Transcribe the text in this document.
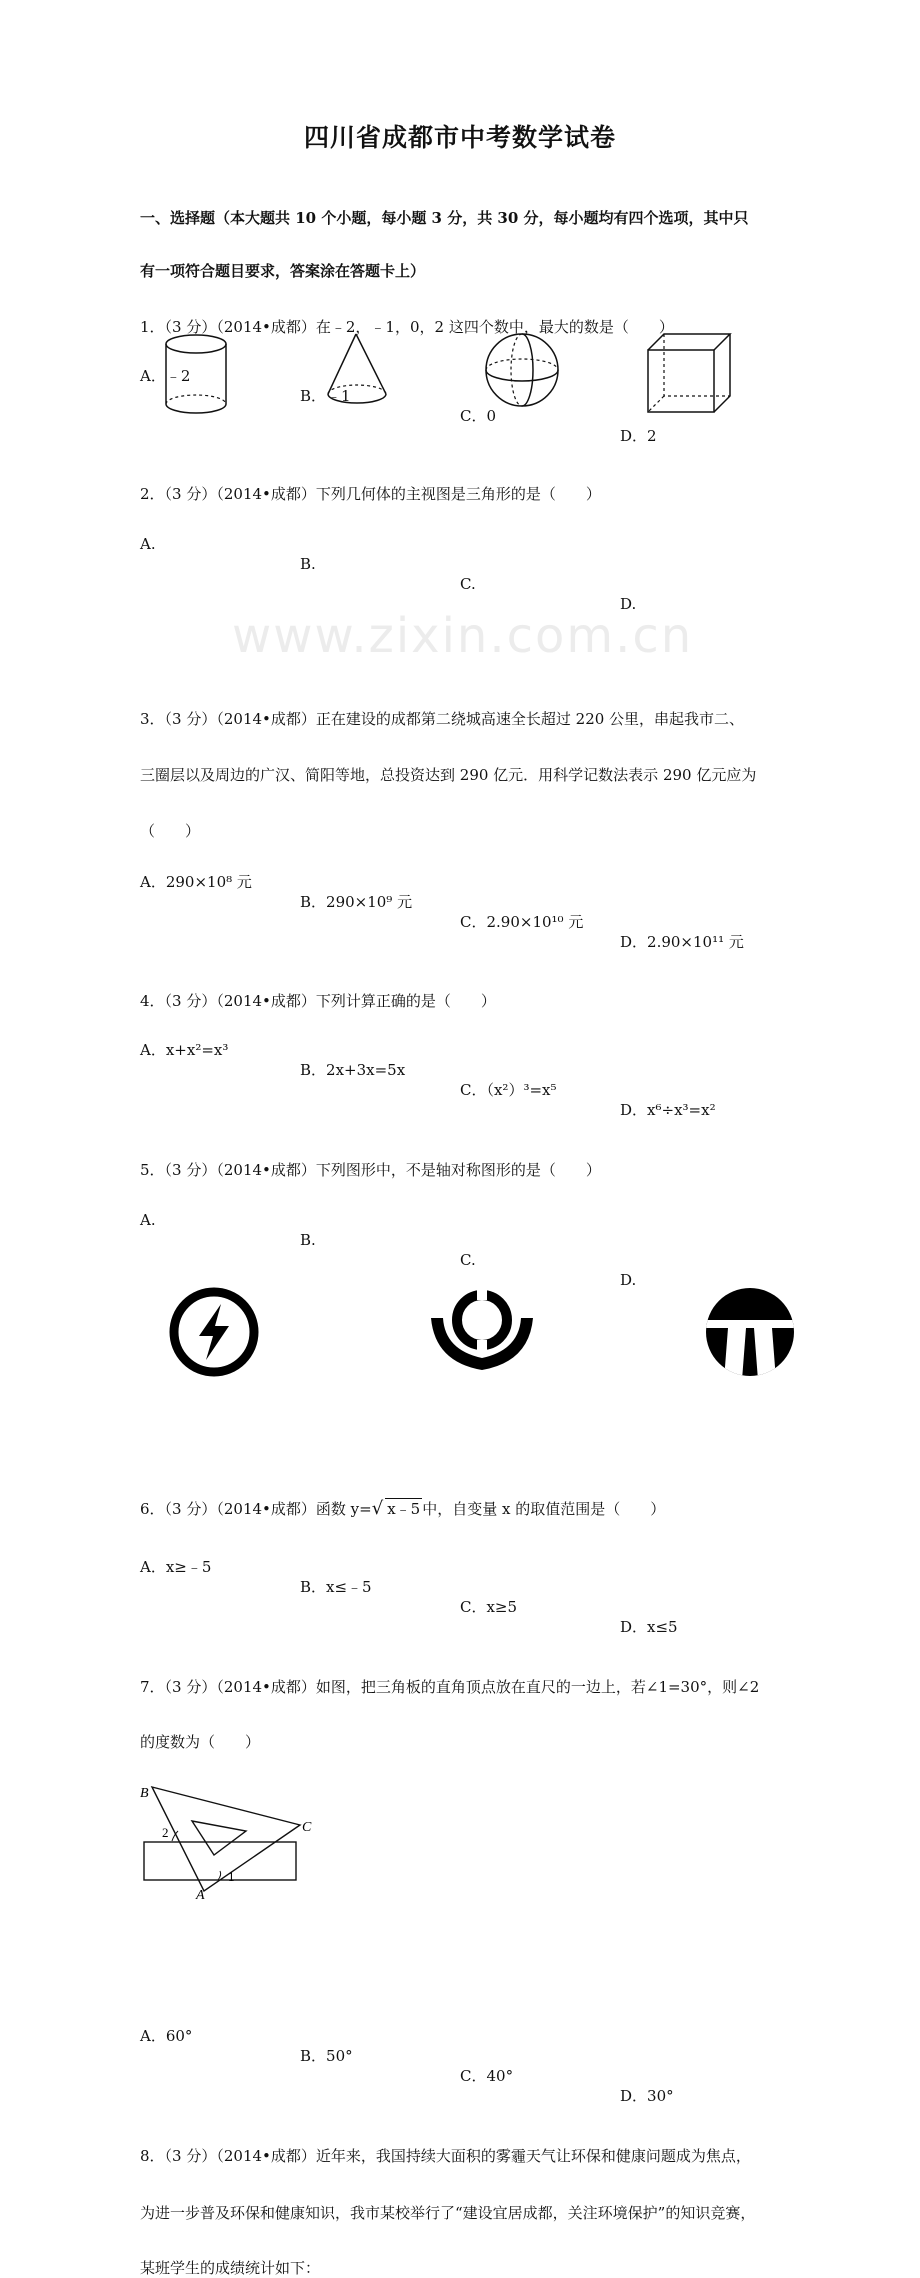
www.zixin.com.cn
四川省成都市中考数学试卷
一、选择题（本大题共 10 个小题，每小题 3 分，共 30 分，每小题均有四个选项，其中只
有一项符合题目要求，答案涂在答题卡上）
1．（3 分）（2014•成都）在﹣2，﹣1，0，2 这四个数中，最大的数是（　　）
A．﹣2
B．﹣1
C．0
D．2
2．（3 分）（2014•成都）下列几何体的主视图是三角形的是（　　）
A.
B.
C.
D.
3．（3 分）（2014•成都）正在建设的成都第二绕城高速全长超过 220 公里，串起我市二、
三圈层以及周边的广汉、简阳等地，总投资达到 290 亿元．用科学记数法表示 290 亿元应为
（　　）
A．290×10⁸ 元
B．290×10⁹ 元
C．2.90×10¹⁰ 元
D．2.90×10¹¹ 元
4．（3 分）（2014•成都）下列计算正确的是（　　）
A．x+x²=x³
B．2x+3x=5x
C．（x²）³=x⁵
D．x⁶÷x³=x²
5．（3 分）（2014•成都）下列图形中，不是轴对称图形的是（　　）
A.
B.
C.
D.

6．（3 分）（2014•成都）函数 y=√ x﹣5 中，自变量 x 的取值范围是（　　）
A．x≥﹣5
B．x≤﹣5
C．x≥5
D．x≤5
7．（3 分）（2014•成都）如图，把三角板的直角顶点放在直尺的一边上，若∠1=30°，则∠2
的度数为（　　）
B
C
A
1
2
A．60°
B．50°
C．40°
D．30°
8．（3 分）（2014•成都）近年来，我国持续大面积的雾霾天气让环保和健康问题成为焦点，
为进一步普及环保和健康知识，我市某校举行了“建设宜居成都，关注环境保护”的知识竞赛，
某班学生的成绩统计如下：
